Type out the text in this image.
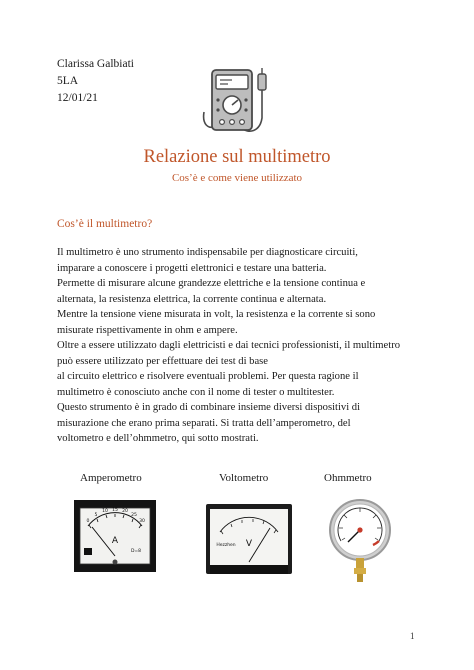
Clarissa Galbiati
5LA
12/01/21
Relazione sul multimetro
Cos’è e come viene utilizzato
Cos’è il multimetro?

Il multimetro è uno strumento indispensabile per diagnosticare circuiti,

imparare a conoscere i progetti elettronici e testare una batteria.

Permette di misurare alcune grandezze elettriche e la tensione continua e

alternata, la resistenza elettrica, la corrente continua e alternata.

Mentre la tensione viene misurata in volt, la resistenza e la corrente si sono

misurate rispettivamente in ohm e ampere.

Oltre a essere utilizzato dagli elettricisti e dai tecnici professionisti, il multimetro

può essere utilizzato per effettuare dei test di base

al circuito elettrico e risolvere eventuali problemi. Per questa ragione il

multimetro è conosciuto anche con il nome di tester o multitester.

Questo strumento è in grado di combinare insieme diversi dispositivi di

misurazione che erano prima separati. Si tratta dell’amperometro, del

voltometro e dell’ohmmetro, qui sotto mostrati.

Amperometro	Voltometro	Ohmmetro
0
5
10 15 20
25
30
A
D=8
V
Hezzhen
1
